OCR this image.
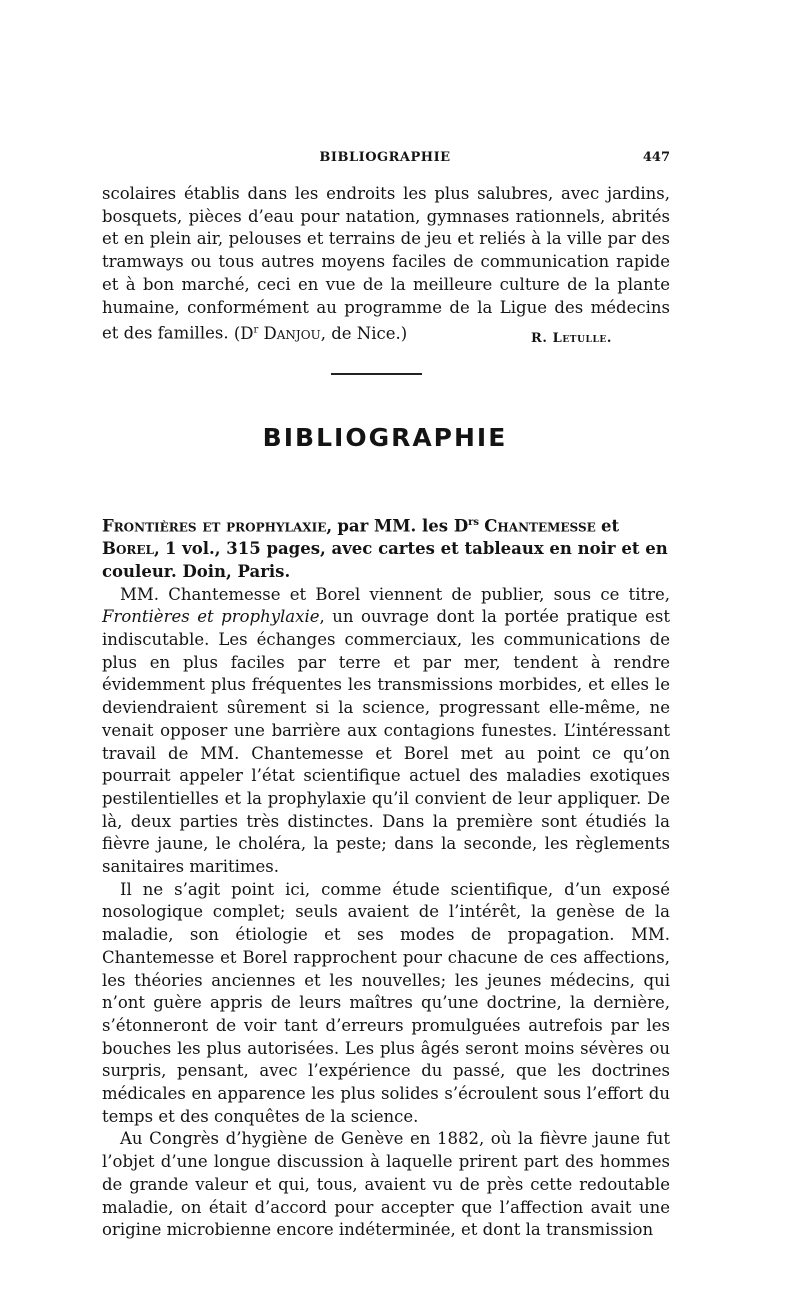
BIBLIOGRAPHIE	447

scolaires établis dans les endroits les plus salubres, avec jardins, bosquets, pièces d’eau pour natation, gymnases rationnels, abrités et en plein air, pelouses et terrains de jeu et reliés à la ville par des tramways ou tous autres moyens faciles de communication rapide et à bon marché, ceci en vue de la meilleure culture de la plante humaine, conformément au programme de la Ligue des médecins et des familles. ($D^r$ Danjou, de Nice.)	R. Letulle.
BIBLIOGRAPHIE

Frontières et prophylaxie, par MM. les $D^{rs}$ Chantemesse et Borel, 1 vol., 315 pages, avec cartes et tableaux en noir et en couleur. Doin, Paris.

MM. Chantemesse et Borel viennent de publier, sous ce titre, Frontières et prophylaxie, un ouvrage dont la portée pratique est indiscutable. Les échanges commerciaux, les communications de plus en plus faciles par terre et par mer, tendent à rendre évidemment plus fréquentes les transmissions morbides, et elles le deviendraient sûrement si la science, progressant elle-même, ne venait opposer une barrière aux contagions funestes. L’intéressant travail de MM. Chantemesse et Borel met au point ce qu’on pourrait appeler l’état scientifique actuel des maladies exotiques pestilentielles et la prophylaxie qu’il convient de leur appliquer. De là, deux parties très distinctes. Dans la première sont étudiés la fièvre jaune, le choléra, la peste; dans la seconde, les règlements sanitaires maritimes.

Il ne s’agit point ici, comme étude scientifique, d’un exposé nosologique complet; seuls avaient de l’intérêt, la genèse de la maladie, son étiologie et ses modes de propagation. MM. Chantemesse et Borel rapprochent pour chacune de ces affections, les théories anciennes et les nouvelles; les jeunes médecins, qui n’ont guère appris de leurs maîtres qu’une doctrine, la dernière, s’étonneront de voir tant d’erreurs promulguées autrefois par les bouches les plus autorisées. Les plus âgés seront moins sévères ou surpris, pensant, avec l’expérience du passé, que les doctrines médicales en apparence les plus solides s’écroulent sous l’effort du temps et des conquêtes de la science.

Au Congrès d’hygiène de Genève en 1882, où la fièvre jaune fut l’objet d’une longue discussion à laquelle prirent part des hommes de grande valeur et qui, tous, avaient vu de près cette redoutable maladie, on était d’accord pour accepter que l’affection avait une origine microbienne encore indéterminée, et dont la transmission
